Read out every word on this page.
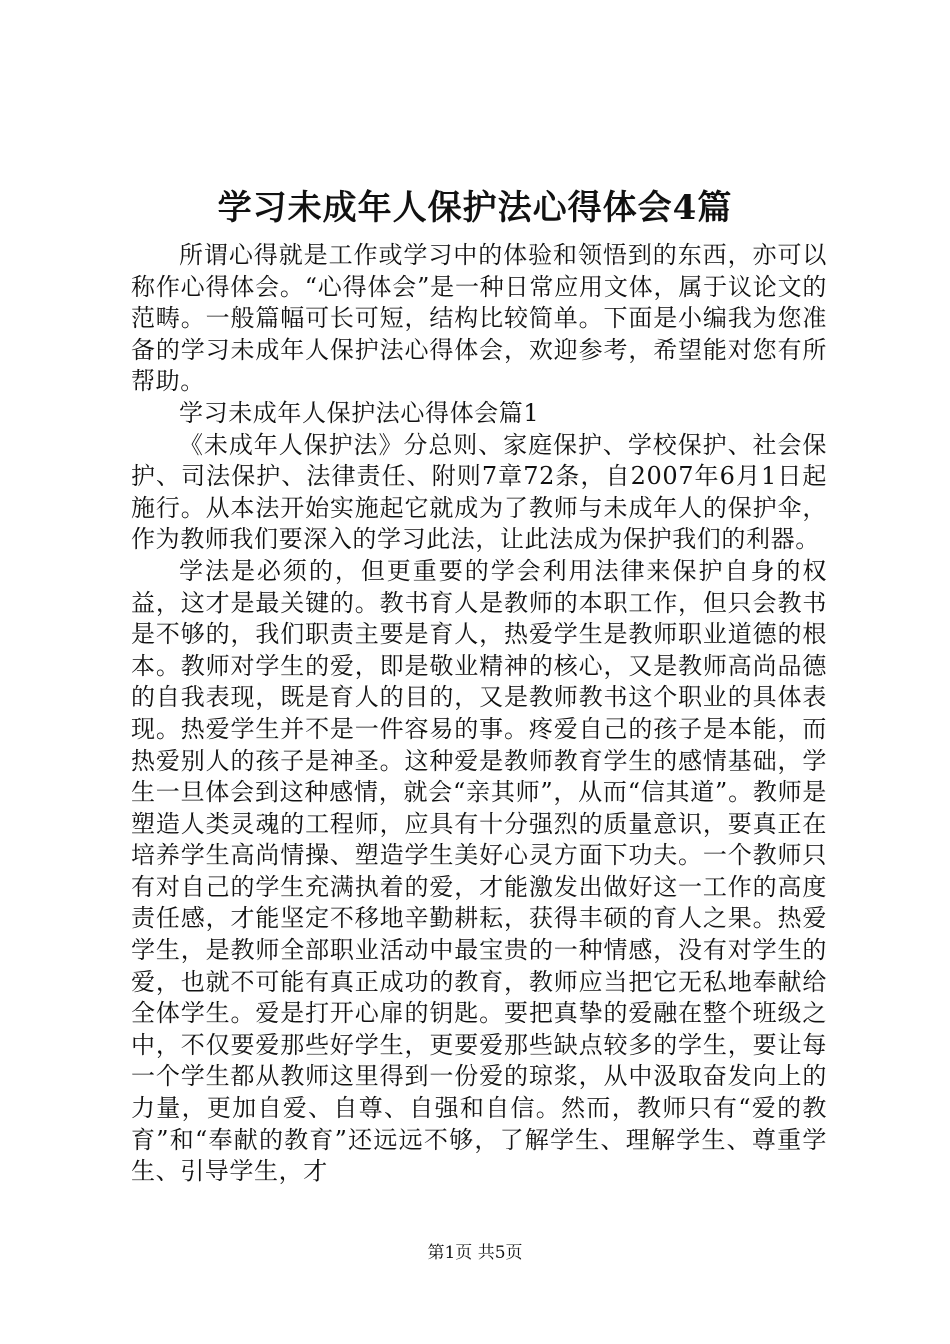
学习未成年人保护法心得体会4篇

所谓心得就是工作或学习中的体验和领悟到的东西，亦可以称作心得体会。“心得体会”是一种日常应用文体，属于议论文的范畴。一般篇幅可长可短，结构比较简单。下面是小编我为您准备的学习未成年人保护法心得体会，欢迎参考，希望能对您有所帮助。

学习未成年人保护法心得体会篇1

《未成年人保护法》分总则、家庭保护、学校保护、社会保护、司法保护、法律责任、附则7章72条，自2007年6月1日起施行。从本法开始实施起它就成为了教师与未成年人的保护伞，作为教师我们要深入的学习此法，让此法成为保护我们的利器。

学法是必须的，但更重要的学会利用法律来保护自身的权益，这才是最关键的。教书育人是教师的本职工作，但只会教书是不够的，我们职责主要是育人，热爱学生是教师职业道德的根本。教师对学生的爱，即是敬业精神的核心，又是教师高尚品德的自我表现，既是育人的目的，又是教师教书这个职业的具体表现。热爱学生并不是一件容易的事。疼爱自己的孩子是本能，而热爱别人的孩子是神圣。这种爱是教师教育学生的感情基础，学生一旦体会到这种感情，就会“亲其师”，从而“信其道”。教师是塑造人类灵魂的工程师，应具有十分强烈的质量意识，要真正在培养学生高尚情操、塑造学生美好心灵方面下功夫。一个教师只有对自己的学生充满执着的爱，才能激发出做好这一工作的高度责任感，才能坚定不移地辛勤耕耘，获得丰硕的育人之果。热爱学生，是教师全部职业活动中最宝贵的一种情感，没有对学生的爱，也就不可能有真正成功的教育，教师应当把它无私地奉献给全体学生。爱是打开心扉的钥匙。要把真挚的爱融在整个班级之中，不仅要爱那些好学生，更要爱那些缺点较多的学生，要让每一个学生都从教师这里得到一份爱的琼浆，从中汲取奋发向上的力量，更加自爱、自尊、自强和自信。然而，教师只有“爱的教育”和“奉献的教育”还远远不够，了解学生、理解学生、尊重学生、引导学生，才

第1页 共5页
